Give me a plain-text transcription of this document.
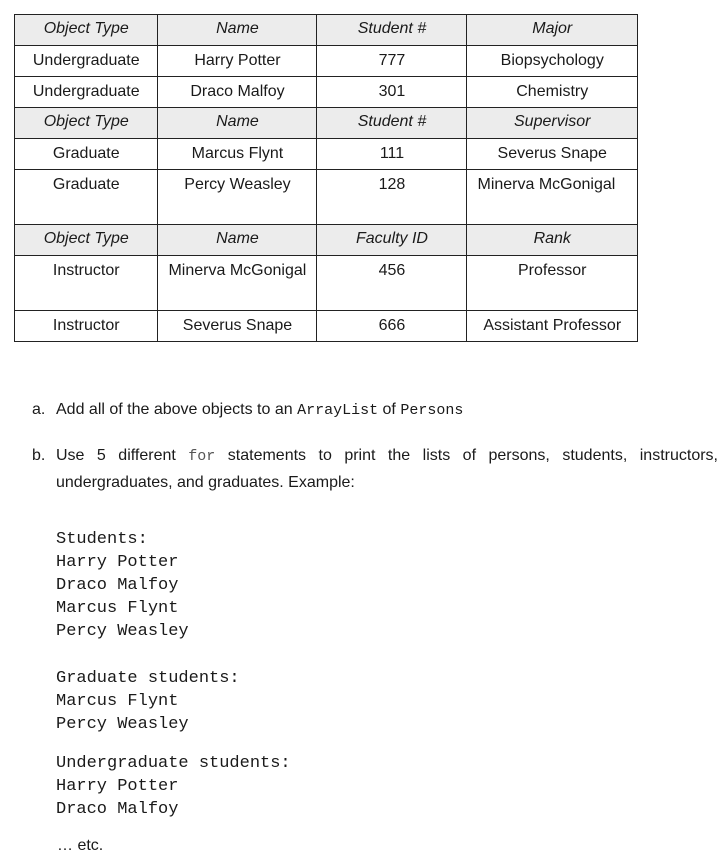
Object Type	Name	Student #	Major
Undergraduate	Harry Potter	777	Biopsychology
Undergraduate	Draco Malfoy	301	Chemistry
Object Type	Name	Student #	Supervisor
Graduate	Marcus Flynt	111	Severus Snape
Graduate	Percy Weasley	128	Minerva McGonigal
Object Type	Name	Faculty ID	Rank
Instructor	Minerva McGonigal	456	Professor
Instructor	Severus Snape	666	Assistant Professor
a. Add all of the above objects to an ArrayList of Persons
b. Use 5 different for statements to print the lists of persons, students, instructors, undergraduates, and graduates. Example:
Students:
Harry Potter
Draco Malfoy
Marcus Flynt
Percy Weasley
Graduate students:
Marcus Flynt
Percy Weasley
Undergraduate students:
Harry Potter
Draco Malfoy
… etc.
